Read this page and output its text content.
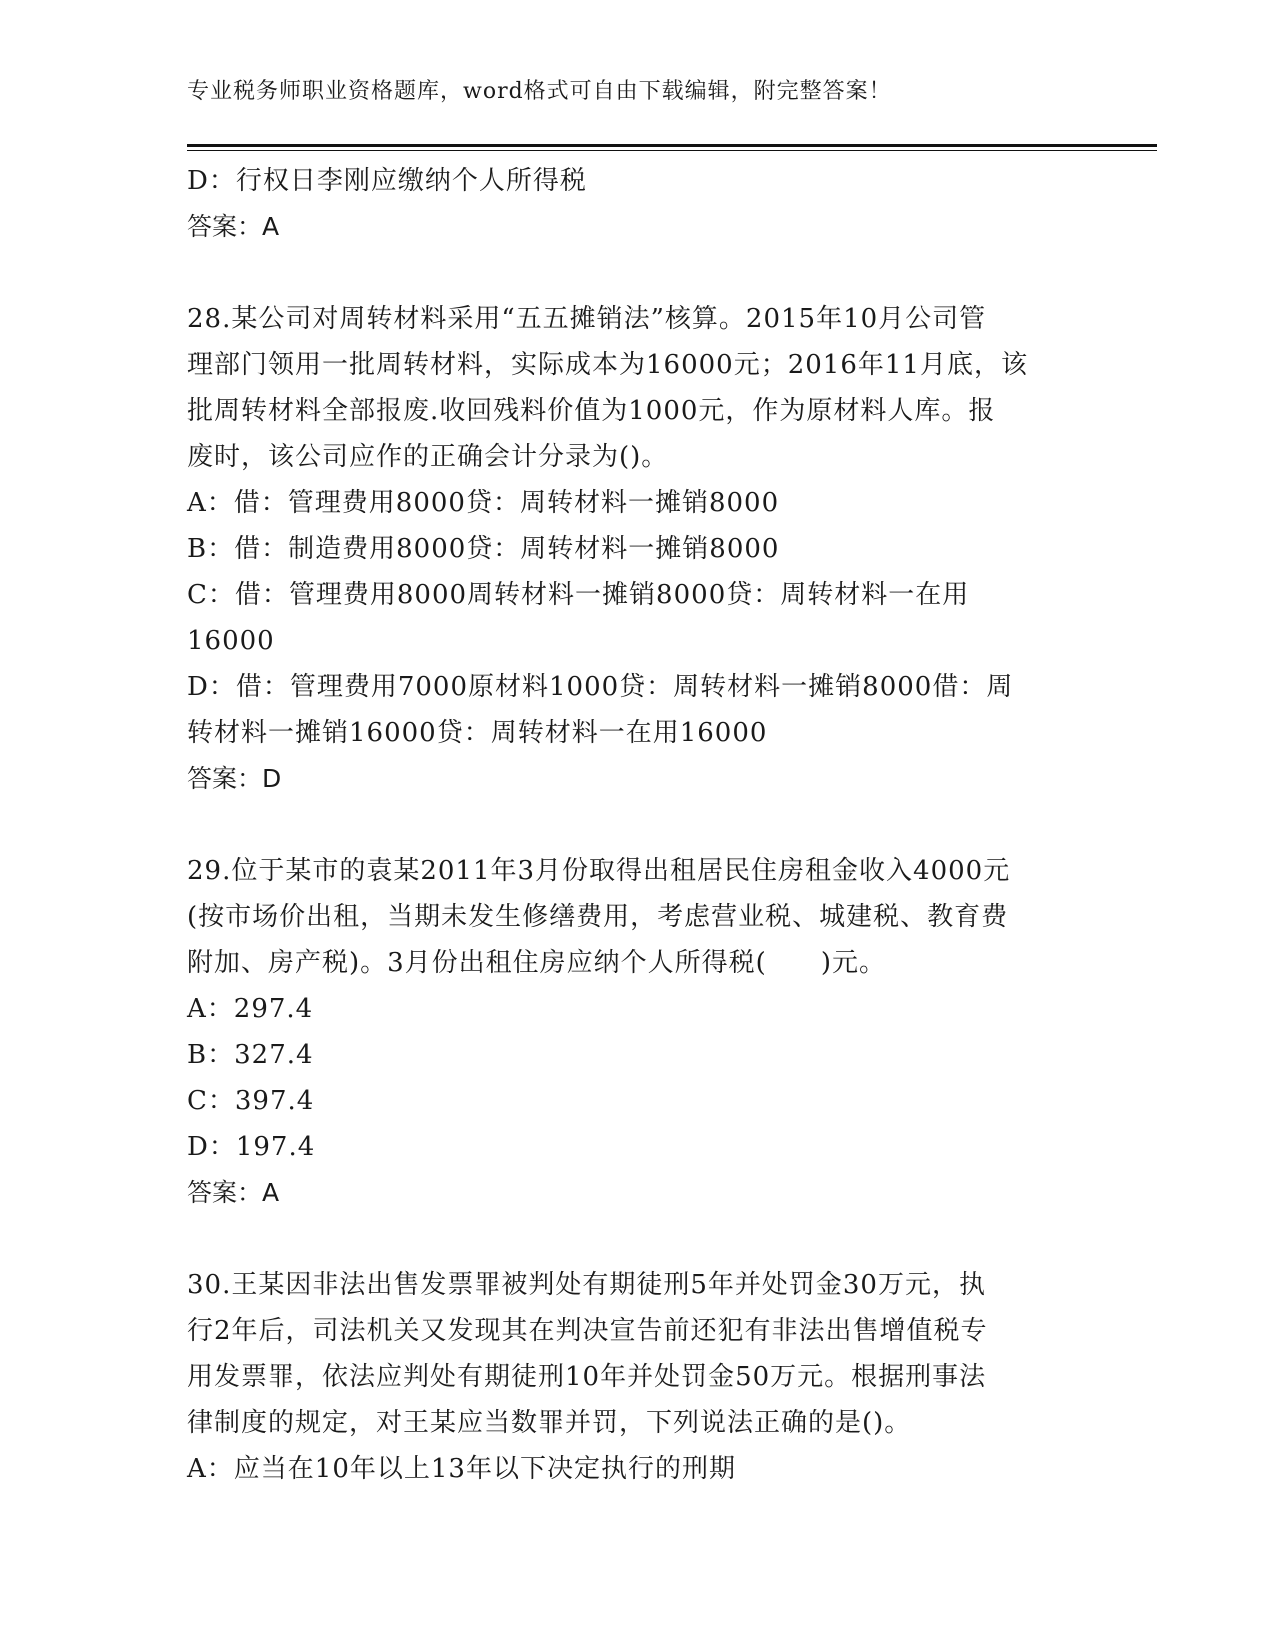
专业税务师职业资格题库，word格式可自由下载编辑，附完整答案！
D：行权日李刚应缴纳个人所得税
答案：A
28.某公司对周转材料采用“五五摊销法”核算。2015年10月公司管
理部门领用一批周转材料，实际成本为16000元；2016年11月底，该
批周转材料全部报废.收回残料价值为1000元，作为原材料人库。报
废时，该公司应作的正确会计分录为()。
A：借：管理费用8000贷：周转材料一摊销8000
B：借：制造费用8000贷：周转材料一摊销8000
C：借：管理费用8000周转材料一摊销8000贷：周转材料一在用
16000
D：借：管理费用7000原材料1000贷：周转材料一摊销8000借：周
转材料一摊销16000贷：周转材料一在用16000
答案：D
29.位于某市的袁某2011年3月份取得出租居民住房租金收入4000元
(按市场价出租，当期未发生修缮费用，考虑营业税、城建税、教育费
附加、房产税)。3月份出租住房应纳个人所得税(　　)元。
A：297.4
B：327.4
C：397.4
D：197.4
答案：A
30.王某因非法出售发票罪被判处有期徒刑5年并处罚金30万元，执
行2年后，司法机关又发现其在判决宣告前还犯有非法出售增值税专
用发票罪，依法应判处有期徒刑10年并处罚金50万元。根据刑事法
律制度的规定，对王某应当数罪并罚，下列说法正确的是()。
A：应当在10年以上13年以下决定执行的刑期
